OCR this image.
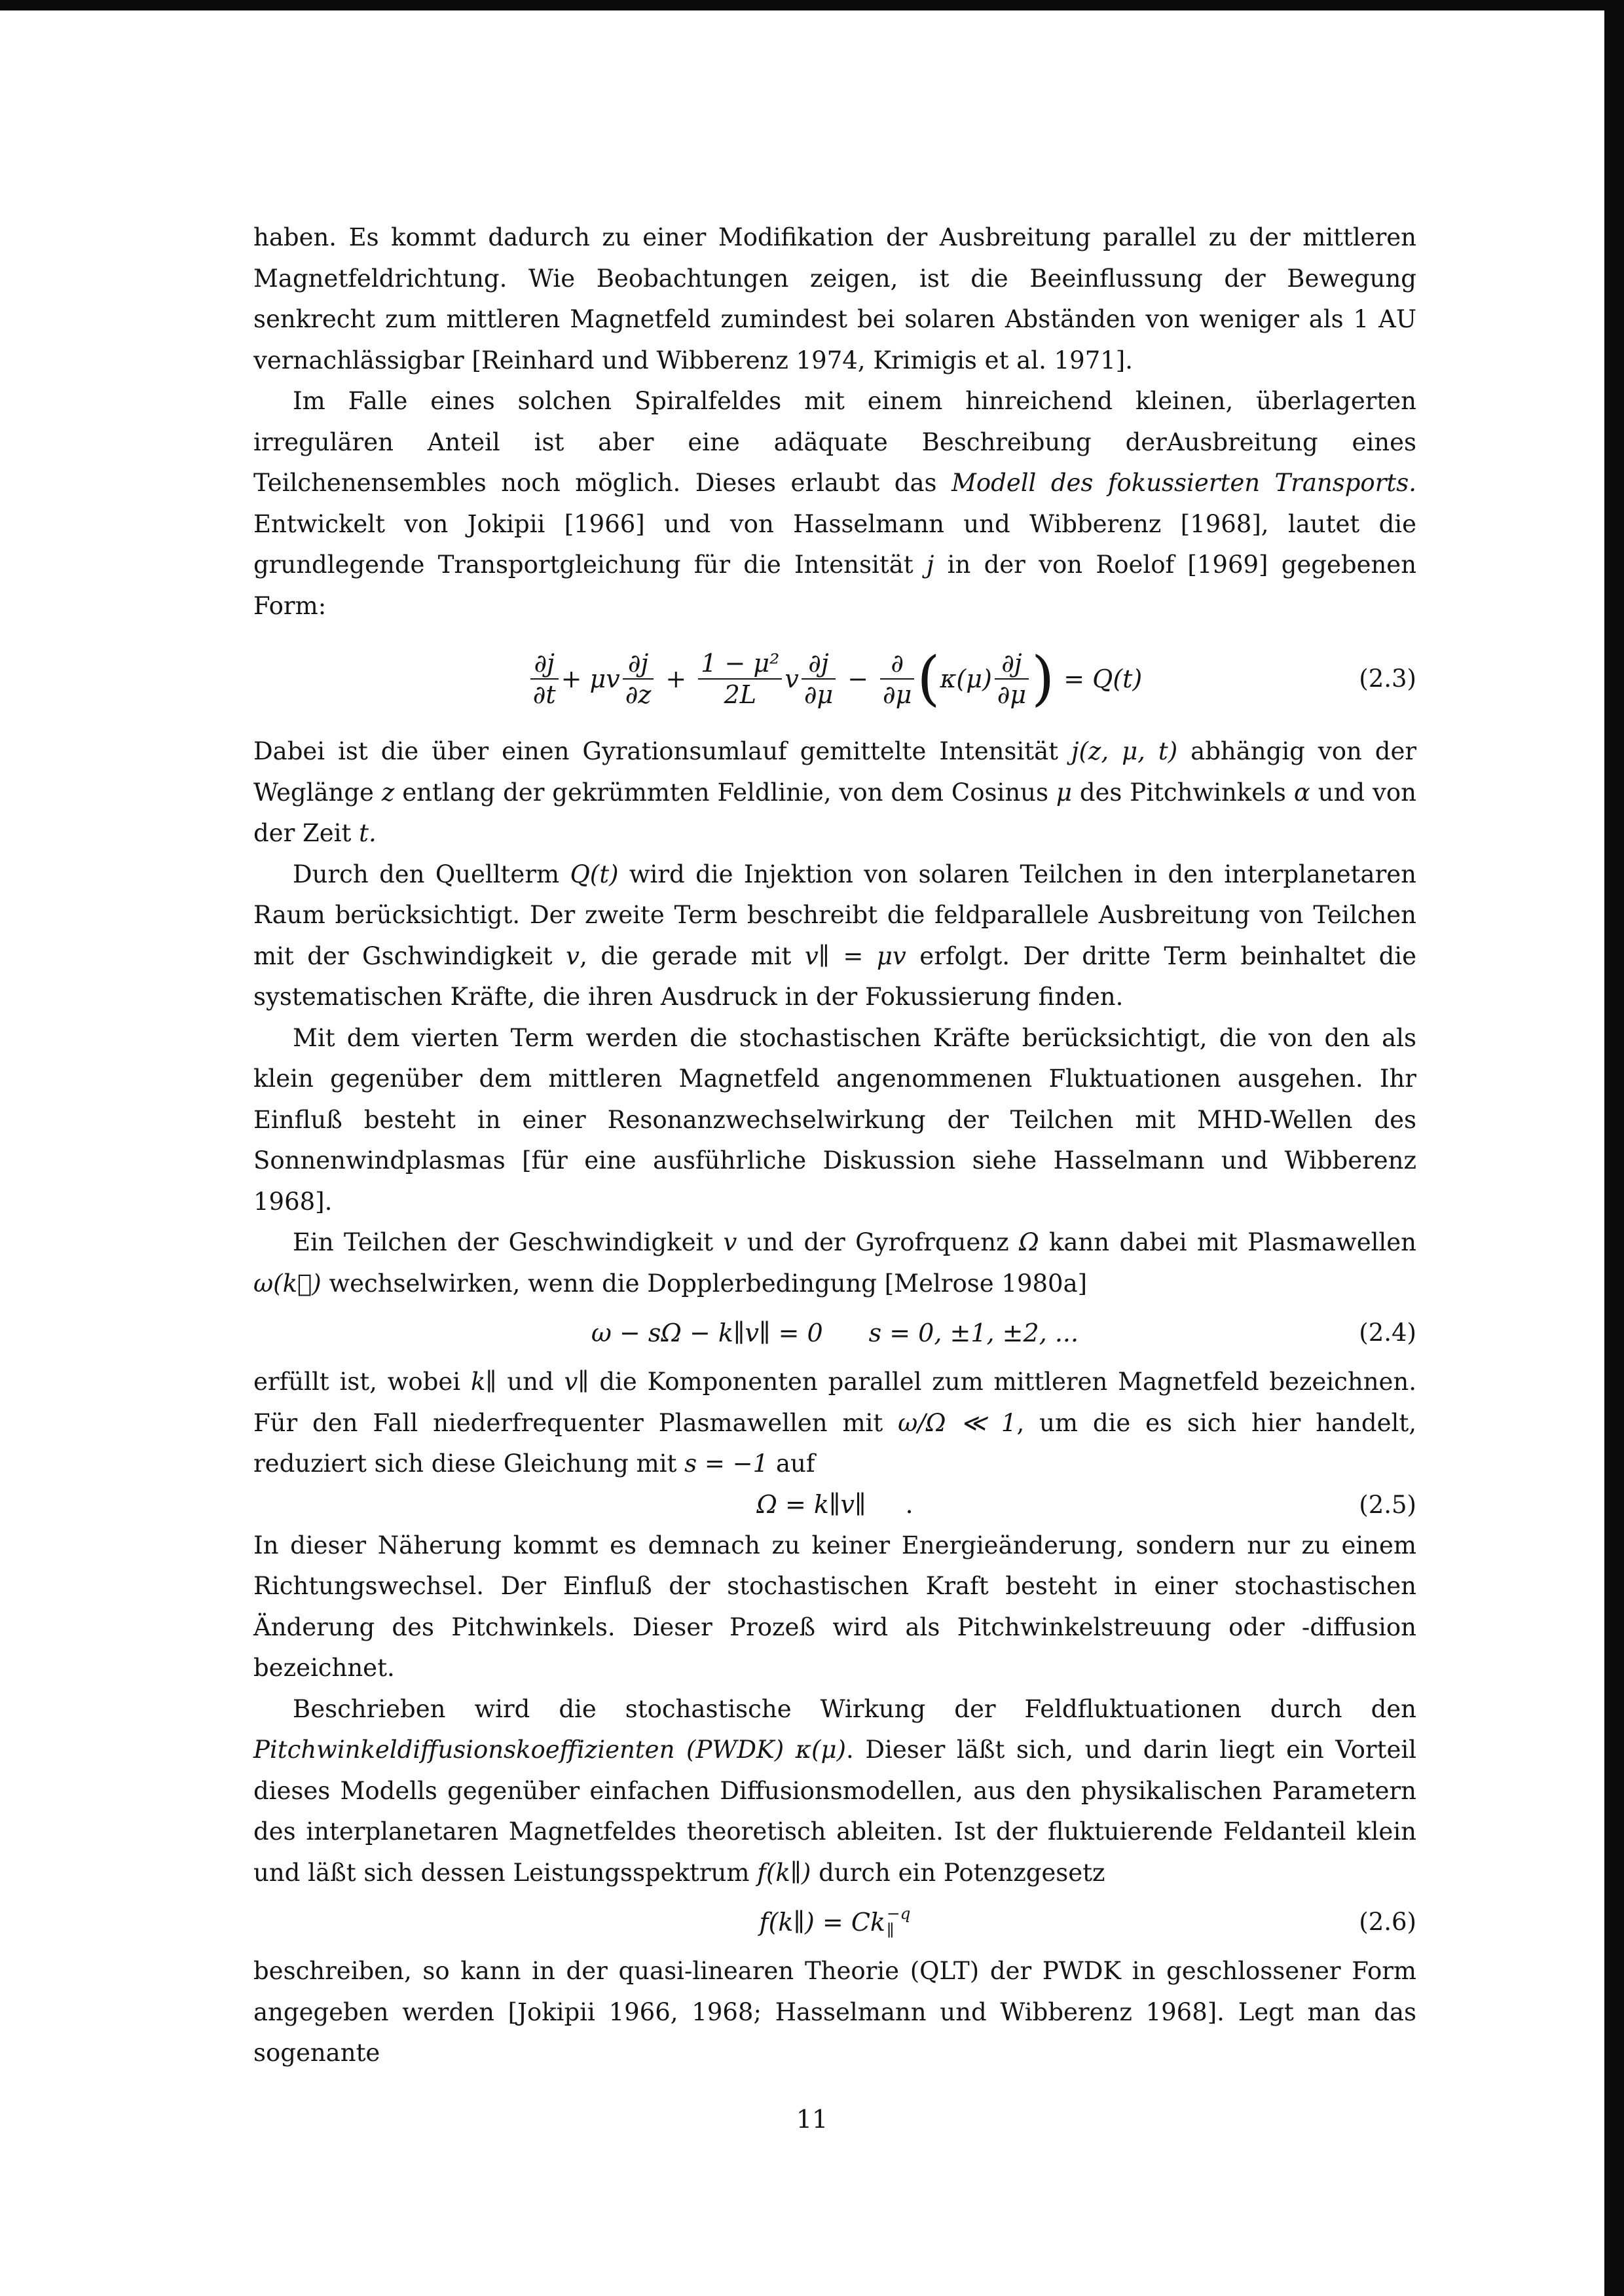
haben. Es kommt dadurch zu einer Modifikation der Ausbreitung parallel zu der mittleren Magnetfeldrichtung. Wie Beobachtungen zeigen, ist die Beeinflussung der Bewegung senkrecht zum mittleren Magnetfeld zumindest bei solaren Abständen von weniger als 1 AU vernachlässigbar [Reinhard und Wibberenz 1974, Krimigis et al. 1971].

Im Falle eines solchen Spiralfeldes mit einem hinreichend kleinen, überlagerten irregulären Anteil ist aber eine adäquate Beschreibung derAusbreitung eines Teilchenensembles noch möglich. Dieses erlaubt das Modell des fokussierten Transports. Entwickelt von Jokipii [1966] und von Hasselmann und Wibberenz [1968], lautet die grundlegende Transportgleichung für die Intensität j in der von Roelof [1969] gegebenen Form:

$\frac{\partial j}{\partial t} + \mu v \frac{\partial j}{\partial z} + \frac{\text{1 − μ²}}{2L}$ v $\frac{\partial j}{\partial\mu} - \frac{\partial}{\partial\mu}$ ( $\kappa(\mu) \frac{\partial j}{\partial\mu}$ ) = Q(t)	(2.3)

Dabei ist die über einen Gyrationsumlauf gemittelte Intensität j(z, μ, t) abhängig von der Weglänge z entlang der gekrümmten Feldlinie, von dem Cosinus μ des Pitchwinkels α und von der Zeit t.

Durch den Quellterm Q(t) wird die Injektion von solaren Teilchen in den interplanetaren Raum berücksichtigt. Der zweite Term beschreibt die feldparallele Ausbreitung von Teilchen mit der Gschwindigkeit v, die gerade mit v∥ = μv erfolgt. Der dritte Term beinhaltet die systematischen Kräfte, die ihren Ausdruck in der Fokussierung finden.

Mit dem vierten Term werden die stochastischen Kräfte berücksichtigt, die von den als klein gegenüber dem mittleren Magnetfeld angenommenen Fluktuationen ausgehen. Ihr Einfluß besteht in einer Resonanzwechselwirkung der Teilchen mit MHD-Wellen des Sonnenwindplasmas [für eine ausführliche Diskussion siehe Hasselmann und Wibberenz 1968].

Ein Teilchen der Geschwindigkeit v und der Gyrofrquenz Ω kann dabei mit Plasmawellen ω(k⃗) wechselwirken, wenn die Dopplerbedingung [Melrose 1980a]

ω − sΩ − k∥v∥ = 0 s = 0, ±1, ±2, ...	(2.4)

erfüllt ist, wobei k∥ und v∥ die Komponenten parallel zum mittleren Magnetfeld bezeichnen. Für den Fall niederfrequenter Plasmawellen mit ω/Ω ≪ 1, um die es sich hier handelt, reduziert sich diese Gleichung mit s = −1 auf

Ω = k∥v∥ .	(2.5)

In dieser Näherung kommt es demnach zu keiner Energieänderung, sondern nur zu einem Richtungswechsel. Der Einfluß der stochastischen Kraft besteht in einer stochastischen Änderung des Pitchwinkels. Dieser Prozeß wird als Pitchwinkelstreuung oder -diffusion bezeichnet.

Beschrieben wird die stochastische Wirkung der Feldfluktuationen durch den Pitchwinkeldiffusionskoeffizienten (PWDK) κ(μ). Dieser läßt sich, und darin liegt ein Vorteil dieses Modells gegenüber einfachen Diffusionsmodellen, aus den physikalischen Parametern des interplanetaren Magnetfeldes theoretisch ableiten. Ist der fluktuierende Feldanteil klein und läßt sich dessen Leistungsspektrum f(k∥) durch ein Potenzgesetz

f(k∥) = Ck −q
∥	(2.6)

beschreiben, so kann in der quasi-linearen Theorie (QLT) der PWDK in geschlossener Form angegeben werden [Jokipii 1966, 1968; Hasselmann und Wibberenz 1968]. Legt man das sogenante

11
